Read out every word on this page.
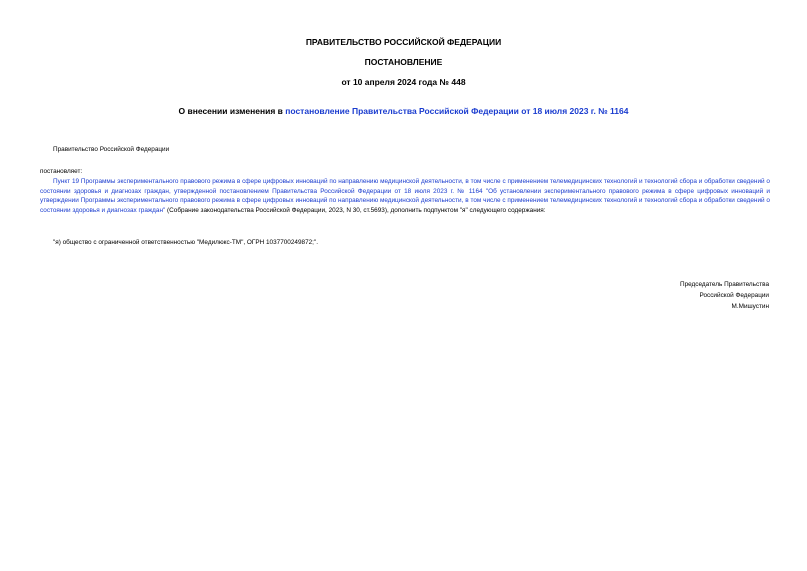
ПРАВИТЕЛЬСТВО РОССИЙСКОЙ ФЕДЕРАЦИИ
ПОСТАНОВЛЕНИЕ
от 10 апреля 2024 года № 448
О внесении изменения в постановление Правительства Российской Федерации от 18 июля 2023 г. № 1164
Правительство Российской Федерации
постановляет:
Пункт 19 Программы экспериментального правового режима в сфере цифровых инноваций по направлению медицинской деятельности, в том числе с применением телемедицинских технологий и технологий сбора и обработки сведений о состоянии здоровья и диагнозах граждан, утвержденной постановлением Правительства Российской Федерации от 18 июля 2023 г. № 1164 "Об установлении экспериментального правового режима в сфере цифровых инноваций и утверждении Программы экспериментального правового режима в сфере цифровых инноваций по направлению медицинской деятельности, в том числе с применением телемедицинских технологий и технологий сбора и обработки сведений о состоянии здоровья и диагнозах граждан" (Собрание законодательства Российской Федерации, 2023, N 30, ст.5693), дополнить подпунктом "я" следующего содержания:
"я) общество с ограниченной ответственностью "Медилюкс-ТМ", ОГРН 1037700249872;".
Председатель Правительства
Российской Федерации
М.Мишустин
